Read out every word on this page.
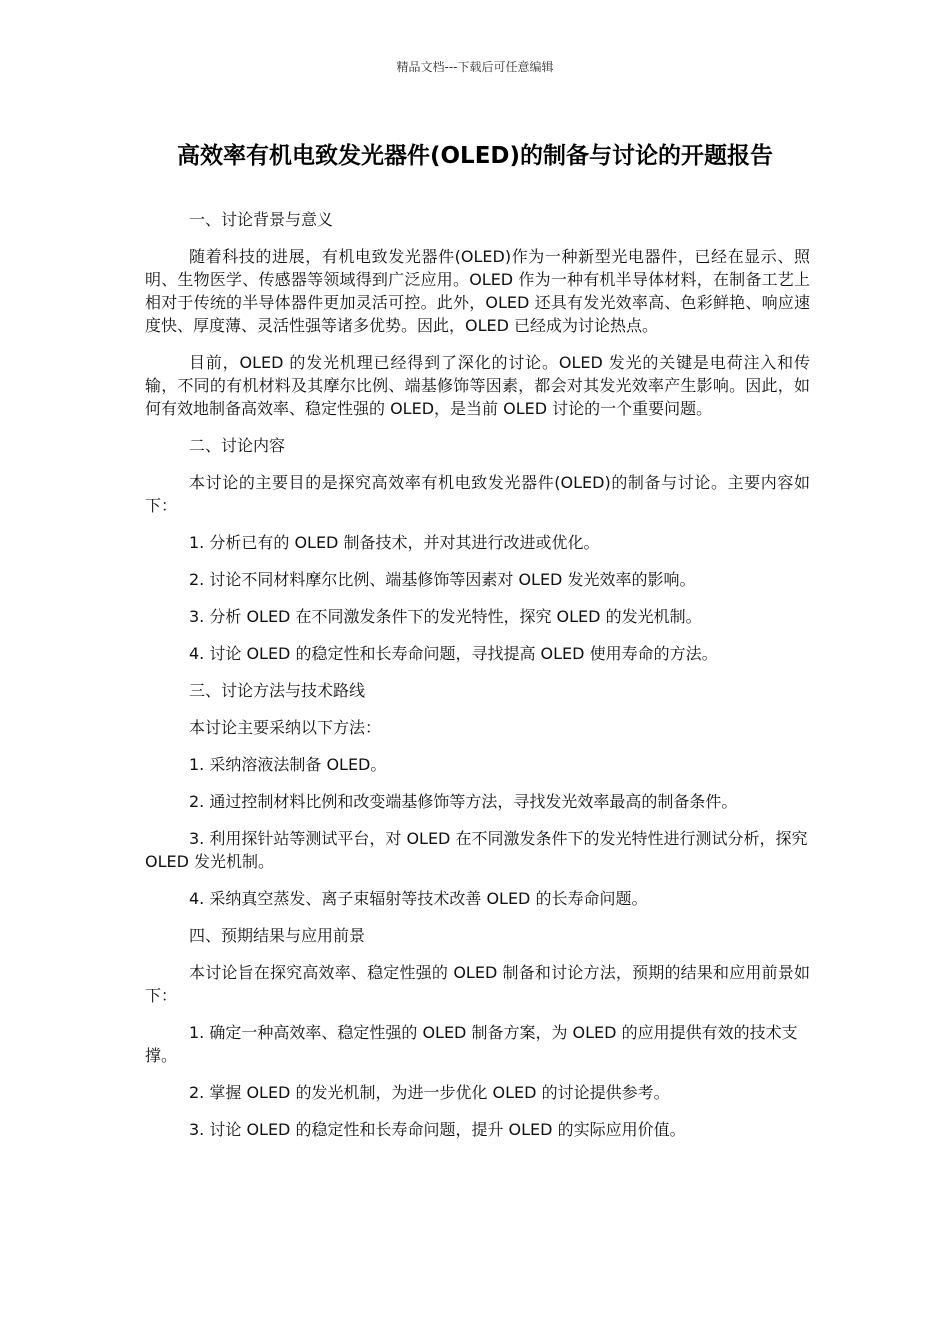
精品文档---下载后可任意编辑
高效率有机电致发光器件(OLED)的制备与讨论的开题报告

一、讨论背景与意义

随着科技的进展，有机电致发光器件(OLED)作为一种新型光电器件，已经在显示、照明、生物医学、传感器等领域得到广泛应用。OLED 作为一种有机半导体材料，在制备工艺上相对于传统的半导体器件更加灵活可控。此外，OLED 还具有发光效率高、色彩鲜艳、响应速度快、厚度薄、灵活性强等诸多优势。因此，OLED 已经成为讨论热点。

目前，OLED 的发光机理已经得到了深化的讨论。OLED 发光的关键是电荷注入和传输，不同的有机材料及其摩尔比例、端基修饰等因素，都会对其发光效率产生影响。因此，如何有效地制备高效率、稳定性强的 OLED，是当前 OLED 讨论的一个重要问题。

二、讨论内容

本讨论的主要目的是探究高效率有机电致发光器件(OLED)的制备与讨论。主要内容如下：

1. 分析已有的 OLED 制备技术，并对其进行改进或优化。

2. 讨论不同材料摩尔比例、端基修饰等因素对 OLED 发光效率的影响。

3. 分析 OLED 在不同激发条件下的发光特性，探究 OLED 的发光机制。

4. 讨论 OLED 的稳定性和长寿命问题，寻找提高 OLED 使用寿命的方法。

三、讨论方法与技术路线

本讨论主要采纳以下方法：

1. 采纳溶液法制备 OLED。

2. 通过控制材料比例和改变端基修饰等方法，寻找发光效率最高的制备条件。

3. 利用探针站等测试平台，对 OLED 在不同激发条件下的发光特性进行测试分析，探究 OLED 发光机制。

4. 采纳真空蒸发、离子束辐射等技术改善 OLED 的长寿命问题。

四、预期结果与应用前景

本讨论旨在探究高效率、稳定性强的 OLED 制备和讨论方法，预期的结果和应用前景如下：

1. 确定一种高效率、稳定性强的 OLED 制备方案，为 OLED 的应用提供有效的技术支撑。

2. 掌握 OLED 的发光机制，为进一步优化 OLED 的讨论提供参考。

3. 讨论 OLED 的稳定性和长寿命问题，提升 OLED 的实际应用价值。
